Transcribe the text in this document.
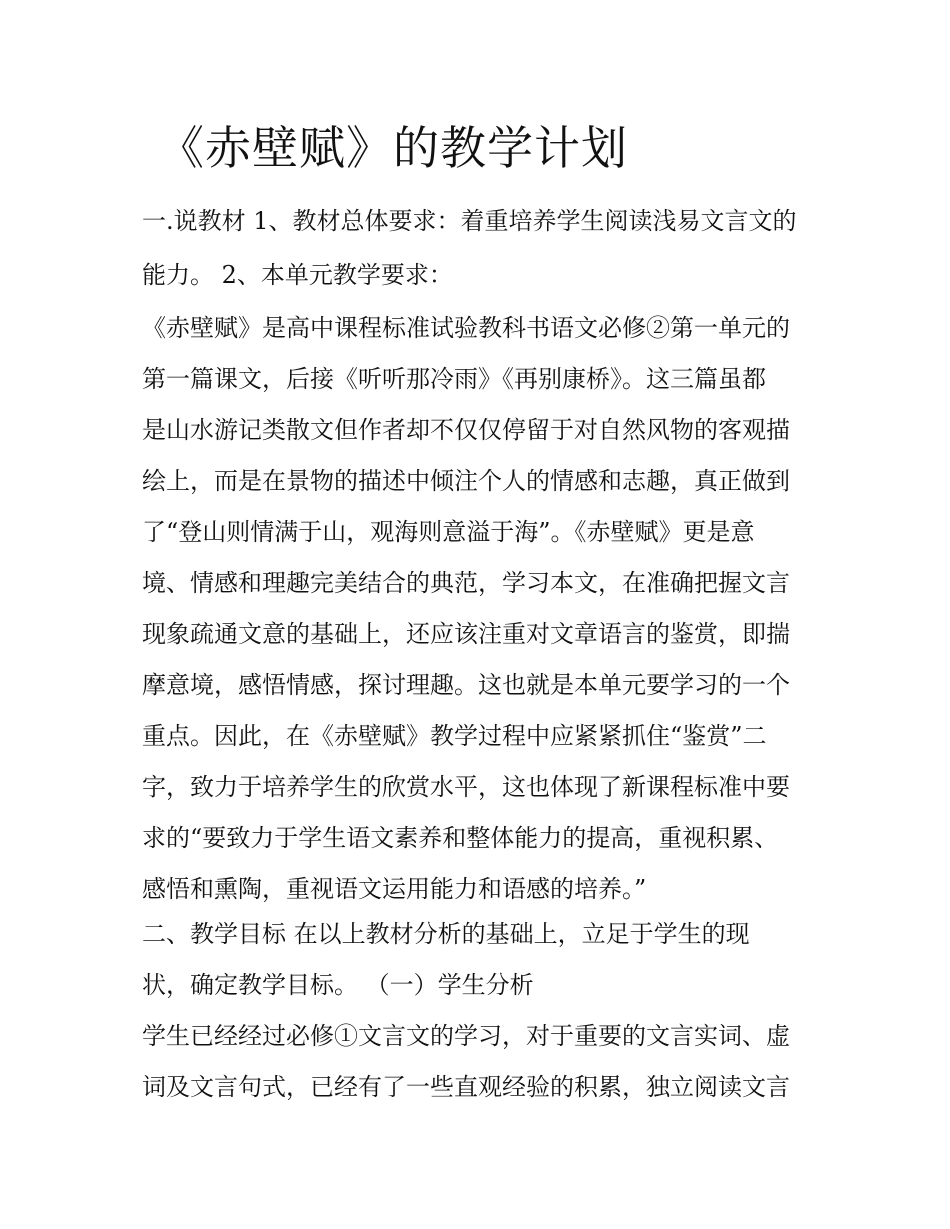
《赤壁赋》的教学计划

一.说教材 1、教材总体要求：着重培养学生阅读浅易文言文的

能力。 2、本单元教学要求：

《赤壁赋》是高中课程标准试验教科书语文必修②第一单元的

第一篇课文，后接《听听那冷雨》《再别康桥》。这三篇虽都

是山水游记类散文但作者却不仅仅停留于对自然风物的客观描

绘上，而是在景物的描述中倾注个人的情感和志趣，真正做到

了“登山则情满于山，观海则意溢于海”。《赤壁赋》更是意

境、情感和理趣完美结合的典范，学习本文，在准确把握文言

现象疏通文意的基础上，还应该注重对文章语言的鉴赏，即揣

摩意境，感悟情感，探讨理趣。这也就是本单元要学习的一个

重点。因此，在《赤壁赋》教学过程中应紧紧抓住“鉴赏”二

字，致力于培养学生的欣赏水平，这也体现了新课程标准中要

求的“要致力于学生语文素养和整体能力的提高，重视积累、

感悟和熏陶，重视语文运用能力和语感的培养。”

二、教学目标 在以上教材分析的基础上，立足于学生的现

状，确定教学目标。 （一）学生分析

学生已经经过必修①文言文的学习，对于重要的文言实词、虚

词及文言句式，已经有了一些直观经验的积累，独立阅读文言
